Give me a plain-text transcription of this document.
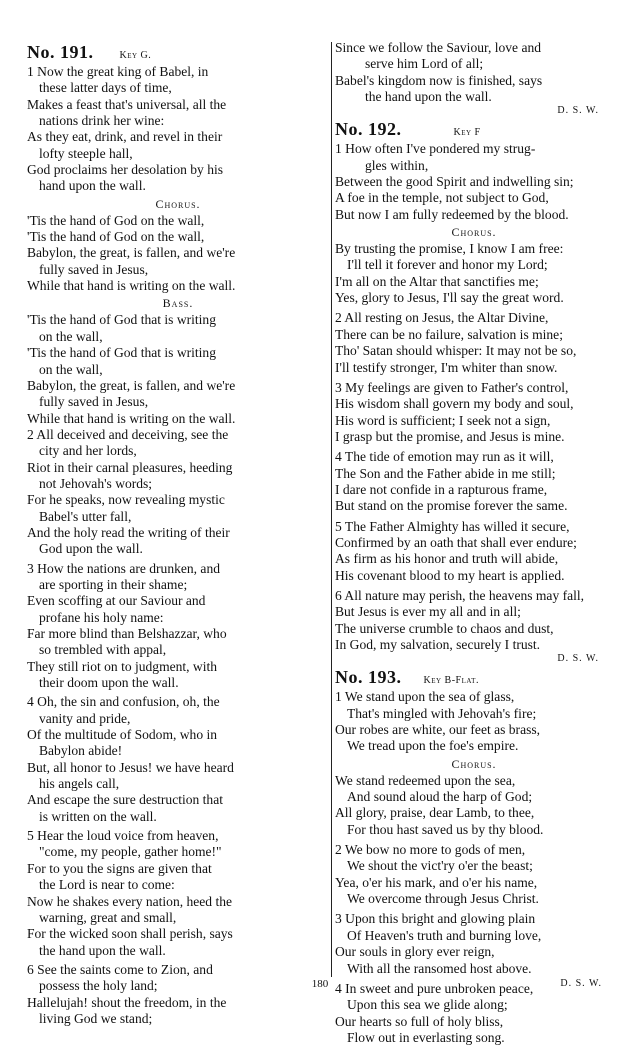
No. 191.	Key G.
1 Now the great king of Babel, in
these latter days of time,
Makes a feast that's universal, all the
nations drink her wine:
As they eat, drink, and revel in their
lofty steeple hall,
God proclaims her desolation by his
hand upon the wall.
Chorus.
'Tis the hand of God on the wall,
'Tis the hand of God on the wall,
Babylon, the great, is fallen, and we're
fully saved in Jesus,
While that hand is writing on the wall.
Bass.
'Tis the hand of God that is writing
on the wall,
'Tis the hand of God that is writing
on the wall,
Babylon, the great, is fallen, and we're
fully saved in Jesus,
While that hand is writing on the wall.
2 All deceived and deceiving, see the
city and her lords,
Riot in their carnal pleasures, heeding
not Jehovah's words;
For he speaks, now revealing mystic
Babel's utter fall,
And the holy read the writing of their
God upon the wall.
3 How the nations are drunken, and
are sporting in their shame;
Even scoffing at our Saviour and
profane his holy name:
Far more blind than Belshazzar, who
so trembled with appal,
They still riot on to judgment, with
their doom upon the wall.
4 Oh, the sin and confusion, oh, the
vanity and pride,
Of the multitude of Sodom, who in
Babylon abide!
But, all honor to Jesus! we have heard
his angels call,
And escape the sure destruction that
is written on the wall.
5 Hear the loud voice from heaven,
"come, my people, gather home!"
For to you the signs are given that
the Lord is near to come:
Now he shakes every nation, heed the
warning, great and small,
For the wicked soon shall perish, says
the hand upon the wall.
6 See the saints come to Zion, and
possess the holy land;
Hallelujah! shout the freedom, in the
living God we stand;
Since we follow the Saviour, love and
serve him Lord of all;
Babel's kingdom now is finished, says
the hand upon the wall.
D. S. W.
No. 192.	Key F
1 How often I've pondered my strug-
gles within,
Between the good Spirit and indwelling sin;
A foe in the temple, not subject to God,
But now I am fully redeemed by the blood.
Chorus.
By trusting the promise, I know I am free:
I'll tell it forever and honor my Lord;
I'm all on the Altar that sanctifies me;
Yes, glory to Jesus, I'll say the great word.
2 All resting on Jesus, the Altar Divine,
There can be no failure, salvation is mine;
Tho' Satan should whisper: It may not be so,
I'll testify stronger, I'm whiter than snow.
3 My feelings are given to Father's control,
His wisdom shall govern my body and soul,
His word is sufficient; I seek not a sign,
I grasp but the promise, and Jesus is mine.
4 The tide of emotion may run as it will,
The Son and the Father abide in me still;
I dare not confide in a rapturous frame,
But stand on the promise forever the same.
5 The Father Almighty has willed it secure,
Confirmed by an oath that shall ever endure;
As firm as his honor and truth will abide,
His covenant blood to my heart is applied.
6 All nature may perish, the heavens may fall,
But Jesus is ever my all and in all;
The universe crumble to chaos and dust,
In God, my salvation, securely I trust.
D. S. W.
No. 193. Key B-Flat.
1 We stand upon the sea of glass,
That's mingled with Jehovah's fire;
Our robes are white, our feet as brass,
We tread upon the foe's empire.
Chorus.
We stand redeemed upon the sea,
And sound aloud the harp of God;
All glory, praise, dear Lamb, to thee,
For thou hast saved us by thy blood.
2 We bow no more to gods of men,
We shout the vict'ry o'er the beast;
Yea, o'er his mark, and o'er his name,
We overcome through Jesus Christ.
3 Upon this bright and glowing plain
Of Heaven's truth and burning love,
Our souls in glory ever reign,
With all the ransomed host above.
4 In sweet and pure unbroken peace,
Upon this sea we glide along;
Our hearts so full of holy bliss,
Flow out in everlasting song.
180	D. S. W.
